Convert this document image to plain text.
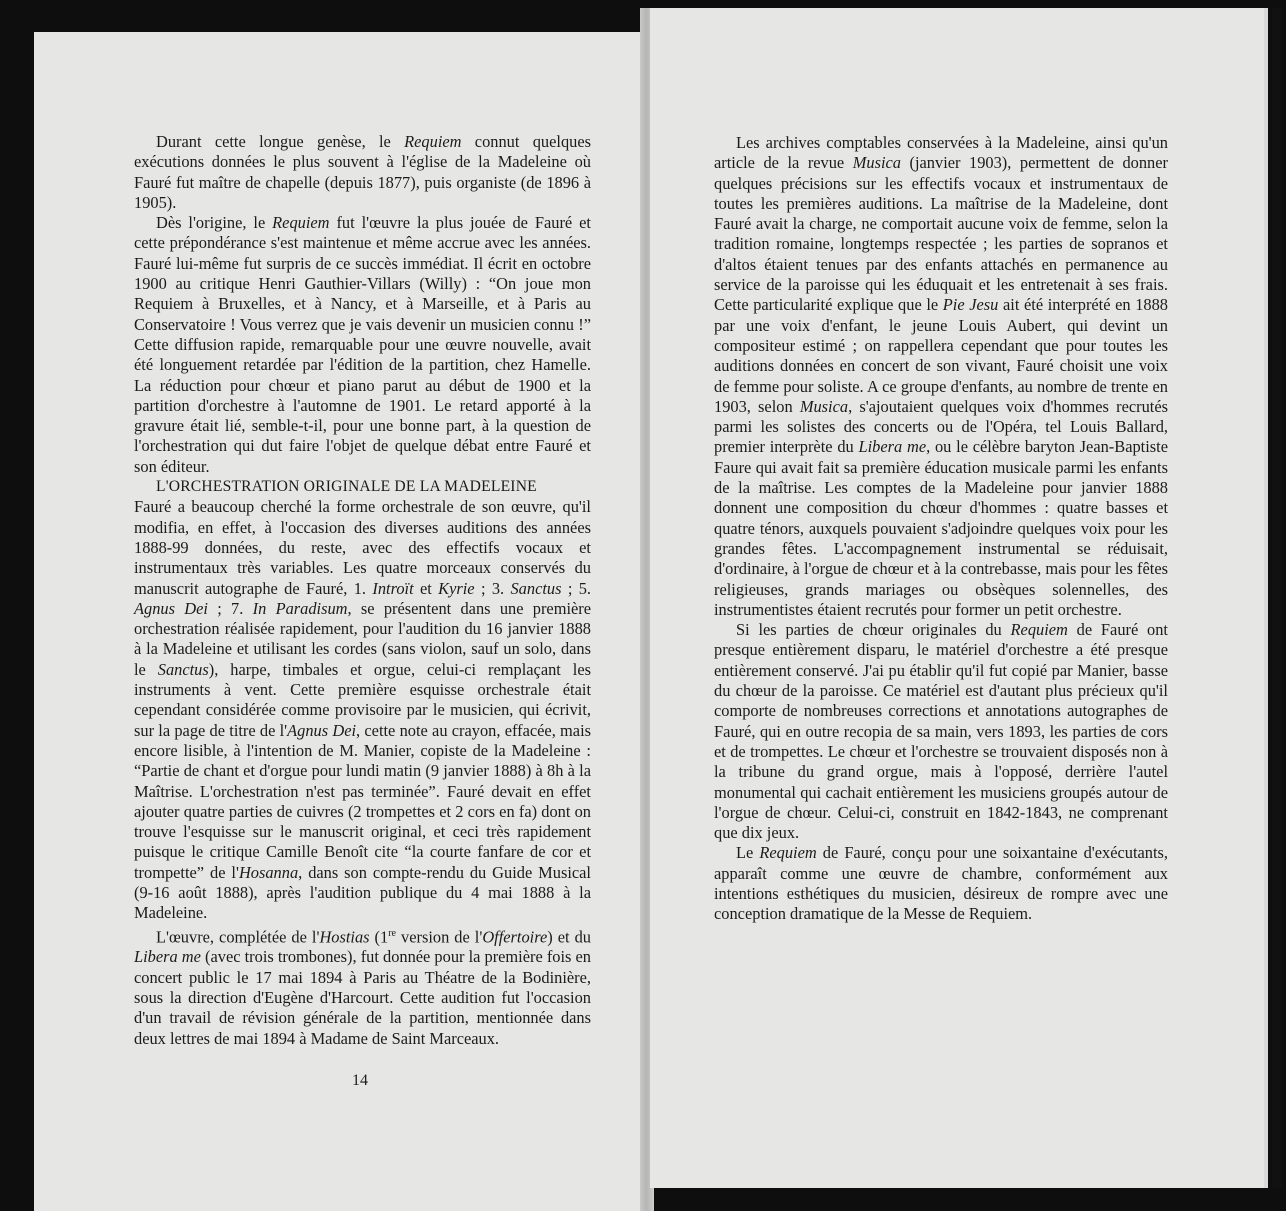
Durant cette longue genèse, le Requiem connut quelques exécutions données le plus souvent à l'église de la Madeleine où Fauré fut maître de chapelle (depuis 1877), puis organiste (de 1896 à 1905).

Dès l'origine, le Requiem fut l'œuvre la plus jouée de Fauré et cette prépondérance s'est maintenue et même accrue avec les années. Fauré lui-même fut surpris de ce succès immédiat. Il écrit en octobre 1900 au critique Henri Gauthier-Villars (Willy) : “On joue mon Requiem à Bruxelles, et à Nancy, et à Marseille, et à Paris au Conservatoire ! Vous verrez que je vais devenir un musicien connu !” Cette diffusion rapide, remarquable pour une œuvre nouvelle, avait été longuement retardée par l'édition de la partition, chez Hamelle. La réduction pour chœur et piano parut au début de 1900 et la partition d'orchestre à l'automne de 1901. Le retard apporté à la gravure était lié, semble-t-il, pour une bonne part, à la question de l'orchestration qui dut faire l'objet de quelque débat entre Fauré et son éditeur.

L'ORCHESTRATION ORIGINALE DE LA MADELEINE

Fauré a beaucoup cherché la forme orchestrale de son œuvre, qu'il modifia, en effet, à l'occasion des diverses auditions des années 1888-99 données, du reste, avec des effectifs vocaux et instrumentaux très variables. Les quatre morceaux conservés du manuscrit autographe de Fauré, 1. Introït et Kyrie ; 3. Sanctus ; 5. Agnus Dei ; 7. In Paradisum, se présentent dans une première orchestration réalisée rapidement, pour l'audition du 16 janvier 1888 à la Madeleine et utilisant les cordes (sans violon, sauf un solo, dans le Sanctus), harpe, timbales et orgue, celui-ci remplaçant les instruments à vent. Cette première esquisse orchestrale était cependant considérée comme provisoire par le musicien, qui écrivit, sur la page de titre de l'Agnus Dei, cette note au crayon, effacée, mais encore lisible, à l'intention de M. Manier, copiste de la Madeleine : “Partie de chant et d'orgue pour lundi matin (9 janvier 1888) à 8h à la Maîtrise. L'orchestration n'est pas terminée”. Fauré devait en effet ajouter quatre parties de cuivres (2 trompettes et 2 cors en fa) dont on trouve l'esquisse sur le manuscrit original, et ceci très rapidement puisque le critique Camille Benoît cite “la courte fanfare de cor et trompette” de l'Hosanna, dans son compte-rendu du Guide Musical (9-16 août 1888), après l'audition publique du 4 mai 1888 à la Madeleine.

L'œuvre, complétée de l'Hostias (1re version de l'Offertoire) et du Libera me (avec trois trombones), fut donnée pour la première fois en concert public le 17 mai 1894 à Paris au Théatre de la Bodinière, sous la direction d'Eugène d'Harcourt. Cette audition fut l'occasion d'un travail de révision générale de la partition, mentionnée dans deux lettres de mai 1894 à Madame de Saint Marceaux.

14

Les archives comptables conservées à la Madeleine, ainsi qu'un article de la revue Musica (janvier 1903), permettent de donner quelques précisions sur les effectifs vocaux et instrumentaux de toutes les premières auditions. La maîtrise de la Madeleine, dont Fauré avait la charge, ne comportait aucune voix de femme, selon la tradition romaine, longtemps respectée ; les parties de sopranos et d'altos étaient tenues par des enfants attachés en permanence au service de la paroisse qui les éduquait et les entretenait à ses frais. Cette particularité explique que le Pie Jesu ait été interprété en 1888 par une voix d'enfant, le jeune Louis Aubert, qui devint un compositeur estimé ; on rappellera cependant que pour toutes les auditions données en concert de son vivant, Fauré choisit une voix de femme pour soliste. A ce groupe d'enfants, au nombre de trente en 1903, selon Musica, s'ajoutaient quelques voix d'hommes recrutés parmi les solistes des concerts ou de l'Opéra, tel Louis Ballard, premier interprète du Libera me, ou le célèbre baryton Jean-Baptiste Faure qui avait fait sa première éducation musicale parmi les enfants de la maîtrise. Les comptes de la Madeleine pour janvier 1888 donnent une composition du chœur d'hommes : quatre basses et quatre ténors, auxquels pouvaient s'adjoindre quelques voix pour les grandes fêtes. L'accompagnement instrumental se réduisait, d'ordinaire, à l'orgue de chœur et à la contrebasse, mais pour les fêtes religieuses, grands mariages ou obsèques solennelles, des instrumentistes étaient recrutés pour former un petit orchestre.

Si les parties de chœur originales du Requiem de Fauré ont presque entièrement disparu, le matériel d'orchestre a été presque entièrement conservé. J'ai pu établir qu'il fut copié par Manier, basse du chœur de la paroisse. Ce matériel est d'autant plus précieux qu'il comporte de nombreuses corrections et annotations autographes de Fauré, qui en outre recopia de sa main, vers 1893, les parties de cors et de trompettes. Le chœur et l'orchestre se trouvaient disposés non à la tribune du grand orgue, mais à l'opposé, derrière l'autel monumental qui cachait entièrement les musiciens groupés autour de l'orgue de chœur. Celui-ci, construit en 1842-1843, ne comprenant que dix jeux.

Le Requiem de Fauré, conçu pour une soixantaine d'exécutants, apparaît comme une œuvre de chambre, conformément aux intentions esthétiques du musicien, désireux de rompre avec une conception dramatique de la Messe de Requiem.
